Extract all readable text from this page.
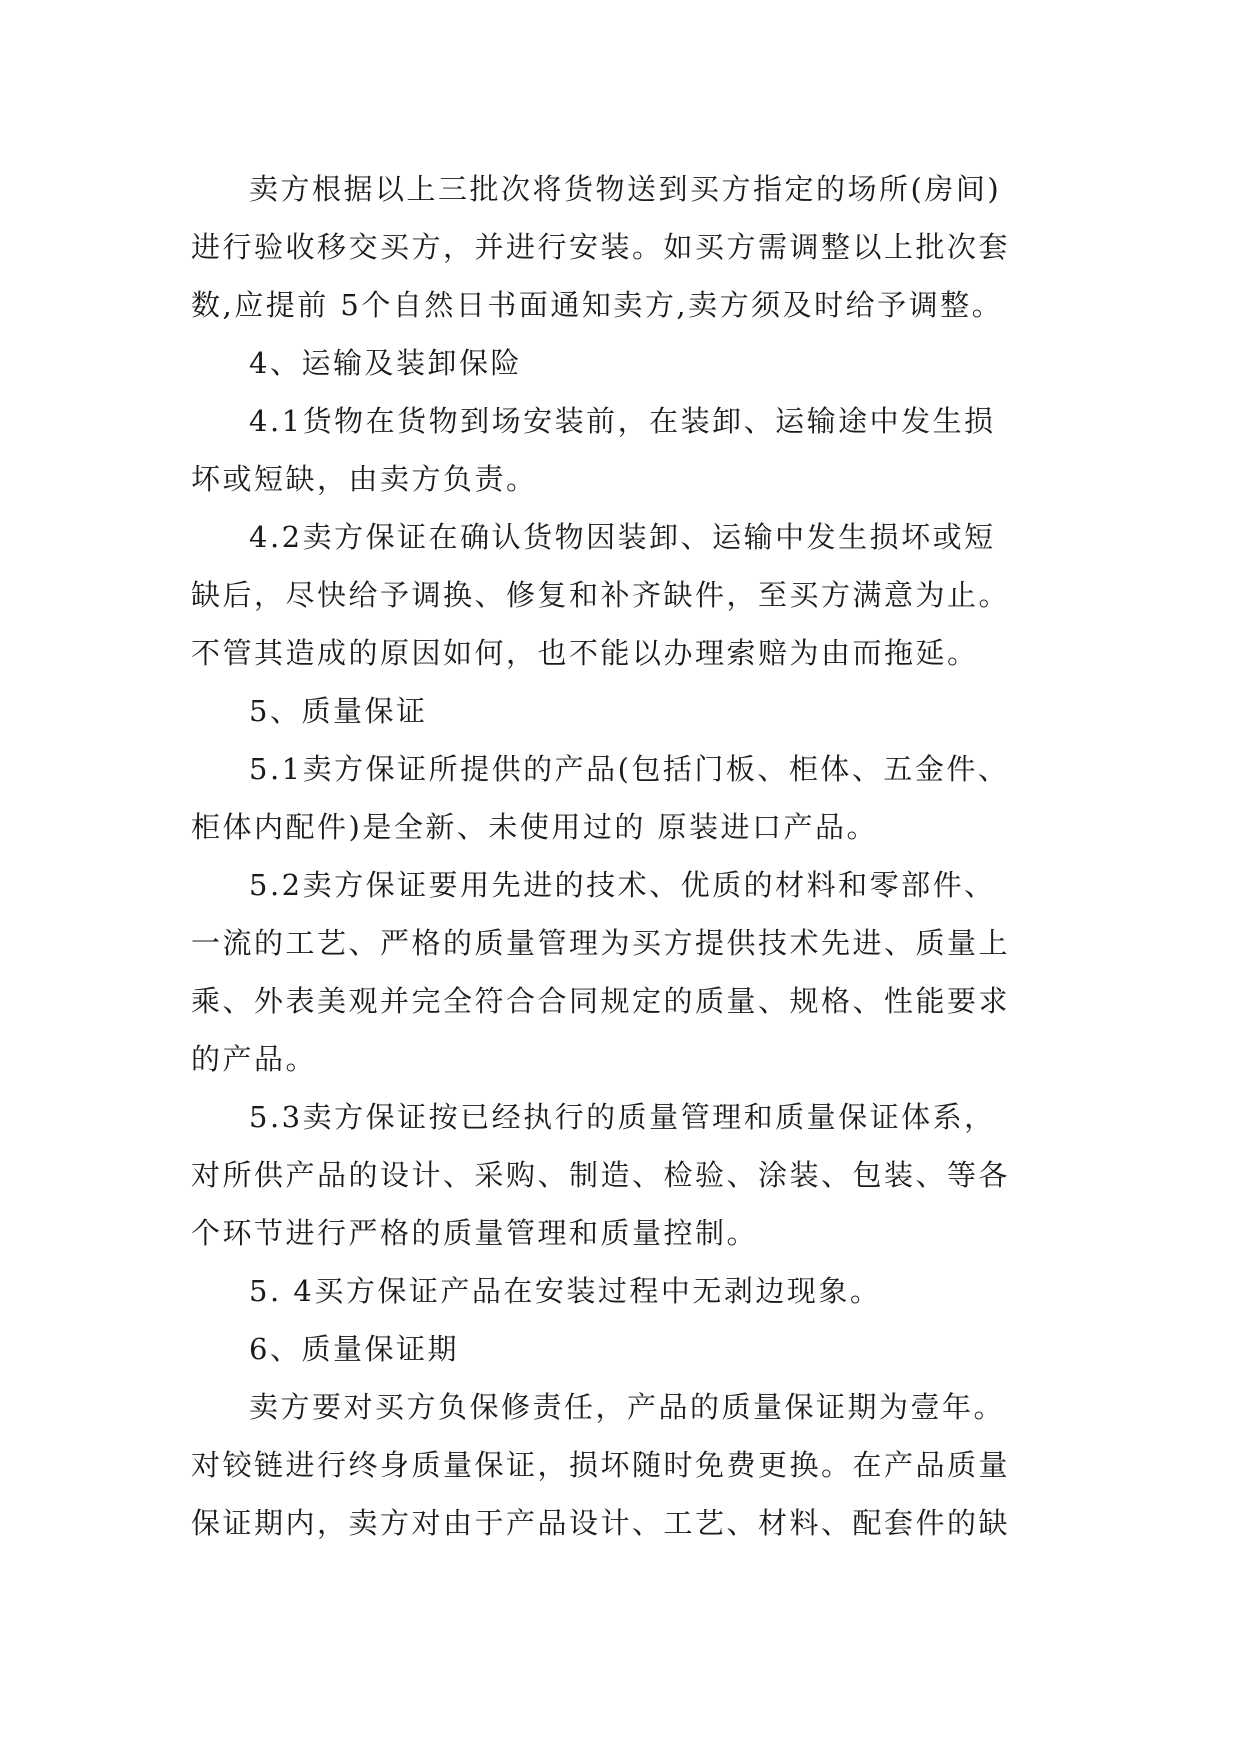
卖方根据以上三批次将货物送到买方指定的场所(房间)
进行验收移交买方，并进行安装。如买方需调整以上批次套
数,应提前 5个自然日书面通知卖方,卖方须及时给予调整。
4、运输及装卸保险
4.1货物在货物到场安装前，在装卸、运输途中发生损
坏或短缺，由卖方负责。
4.2卖方保证在确认货物因装卸、运输中发生损坏或短
缺后，尽快给予调换、修复和补齐缺件，至买方满意为止。
不管其造成的原因如何，也不能以办理索赔为由而拖延。
5、质量保证
5.1卖方保证所提供的产品(包括门板、柜体、五金件、
柜体内配件)是全新、未使用过的 原装进口产品。
5.2卖方保证要用先进的技术、优质的材料和零部件、
一流的工艺、严格的质量管理为买方提供技术先进、质量上
乘、外表美观并完全符合合同规定的质量、规格、性能要求
的产品。
5.3卖方保证按已经执行的质量管理和质量保证体系，
对所供产品的设计、采购、制造、检验、涂装、包装、等各
个环节进行严格的质量管理和质量控制。
5. 4买方保证产品在安装过程中无剥边现象。
6、质量保证期
卖方要对买方负保修责任，产品的质量保证期为壹年。
对铰链进行终身质量保证，损坏随时免费更换。在产品质量
保证期内，卖方对由于产品设计、工艺、材料、配套件的缺
